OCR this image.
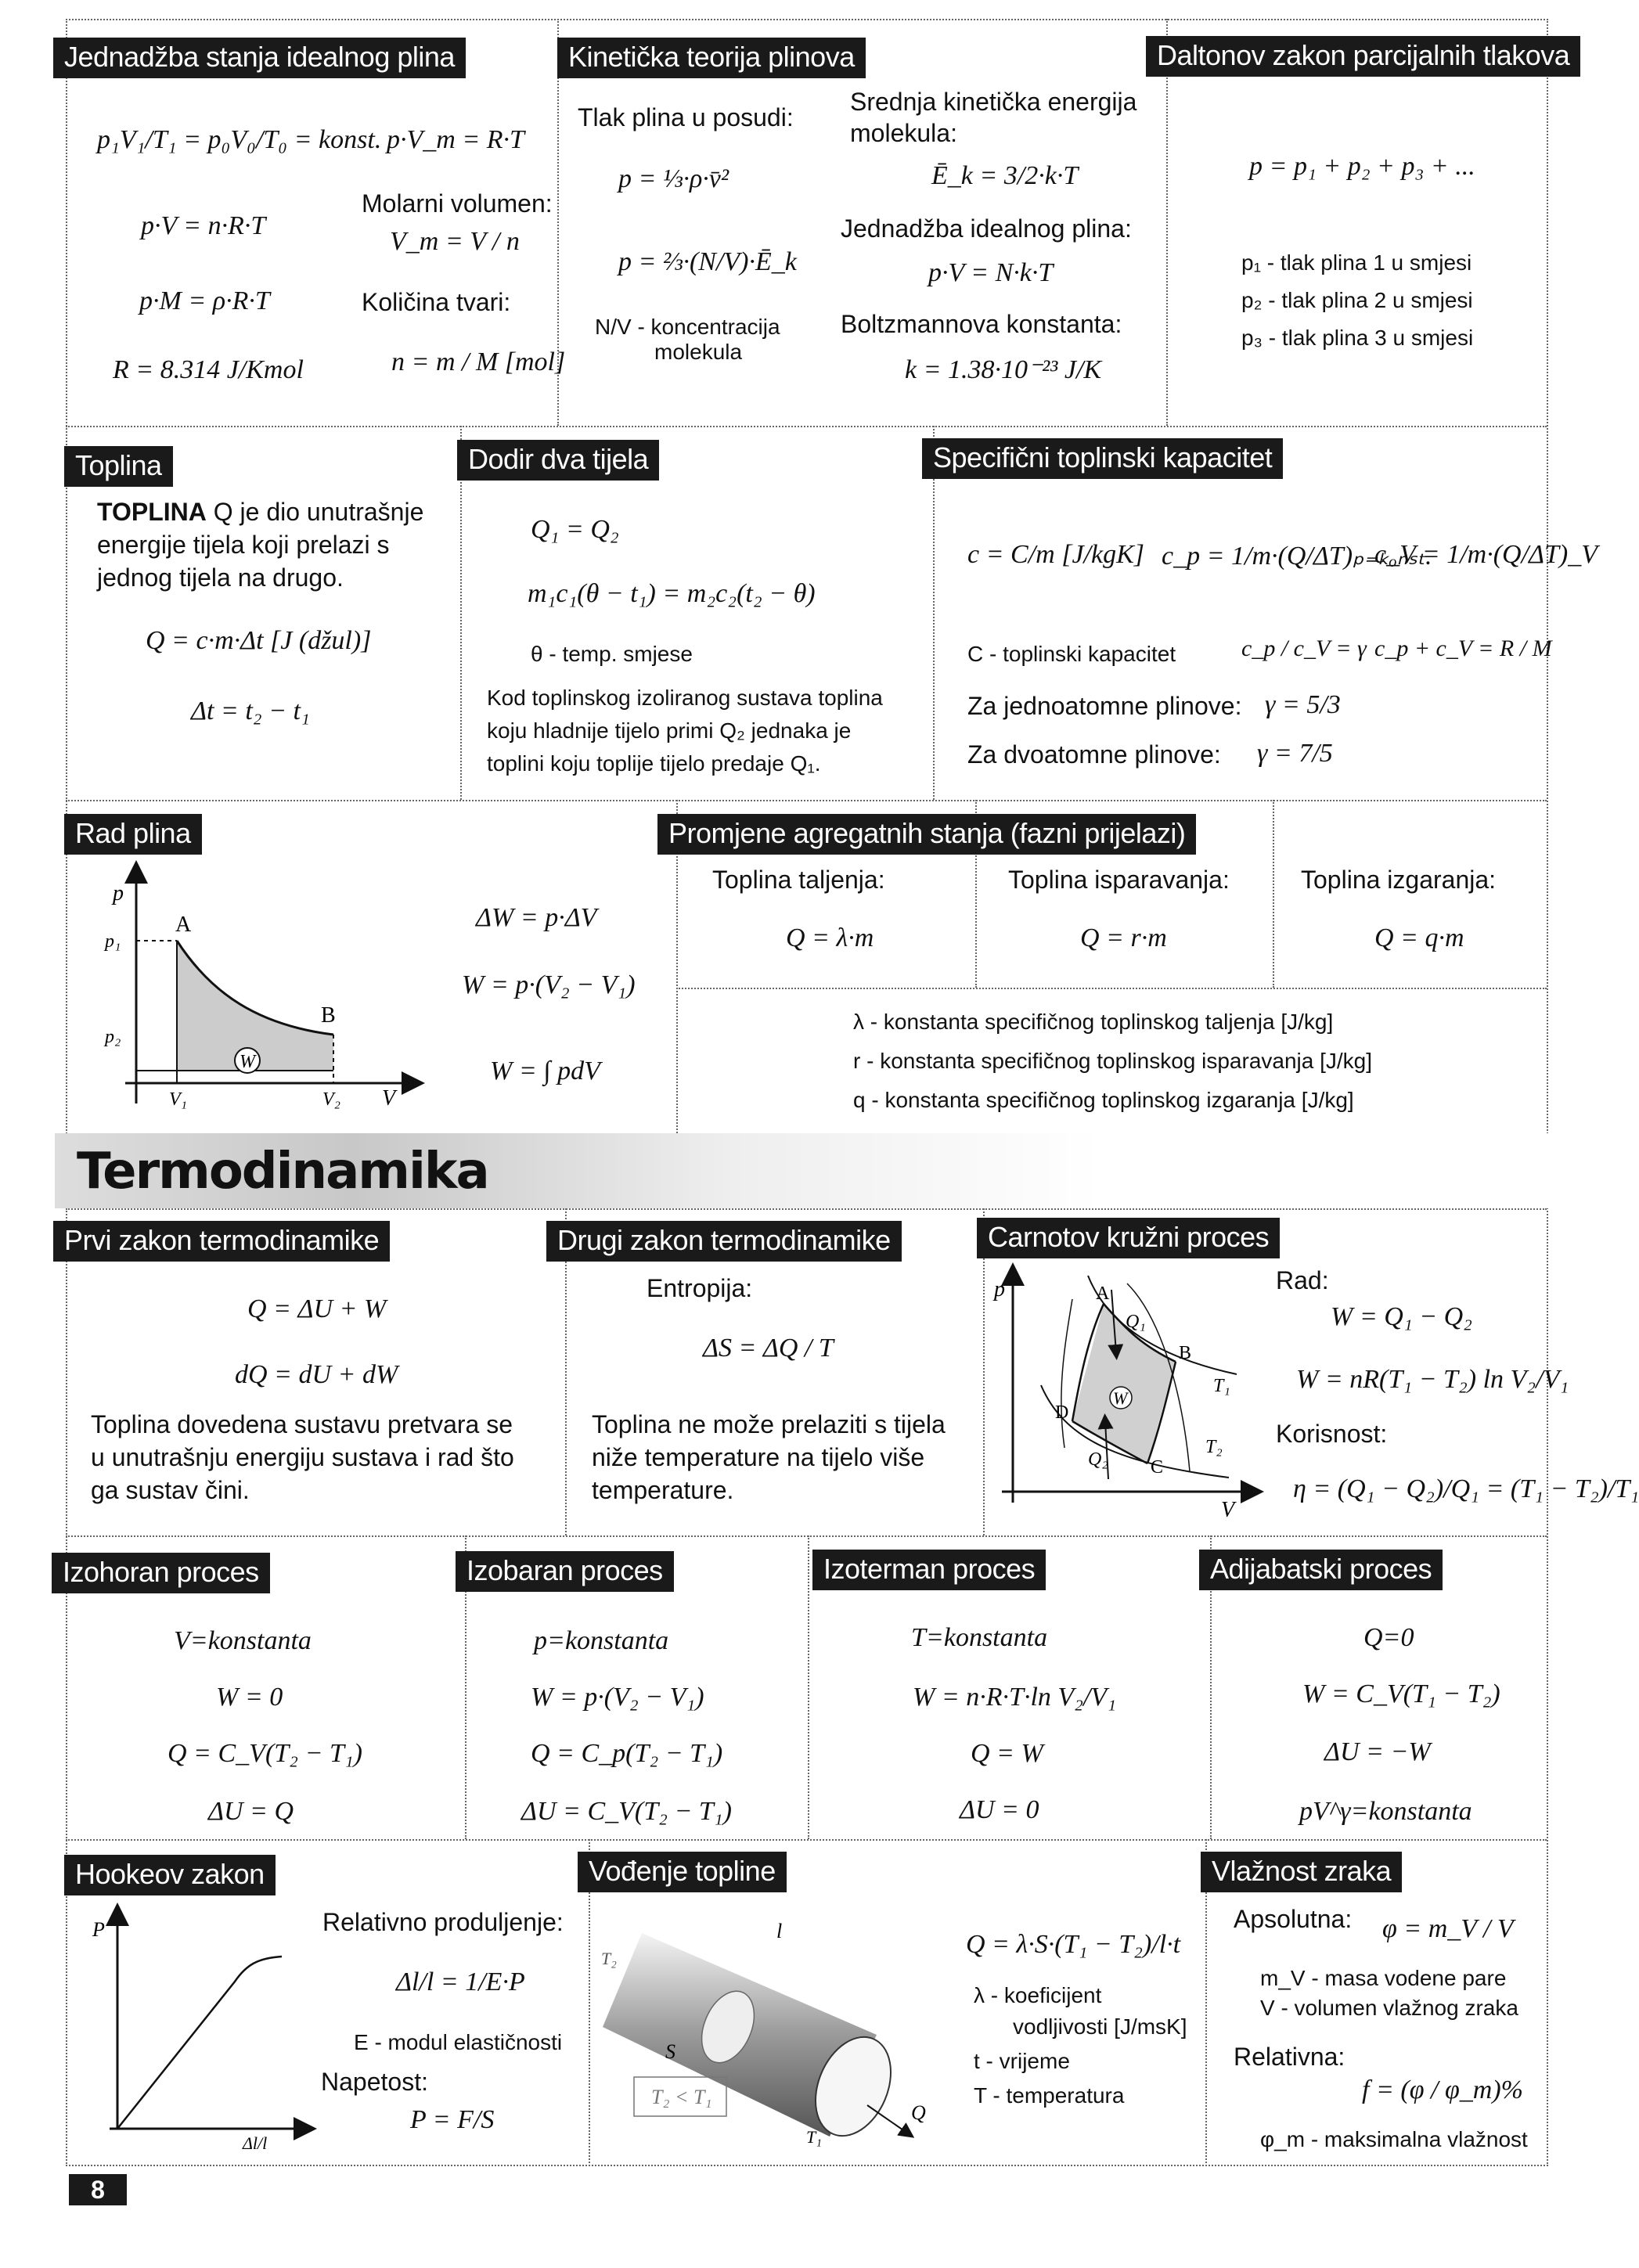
Jednadžba stanja idealnog plina
p₁V₁/T₁ = p₀V₀/T₀ = konst. p·V_m = R·T
Molarni volumen:
V_m = V / n
p·V = n·R·T
p·M = ρ·R·T	Količina tvari:
n = m / M [mol]
R = 8.314 J/Kmol
Kinetička teorija plinova
Tlak plina u posudi:
p = ⅓·ρ·v̄²
p = ⅔·(N/V)·Ē_k
N/V - koncentracija
molekula
Srednja kinetička energija
molekula:
Ē_k = 3/2·k·T
Jednadžba idealnog plina:
p·V = N·k·T
Boltzmannova konstanta:
k = 1.38·10⁻²³ J/K
Daltonov zakon parcijalnih tlakova
p = p₁ + p₂ + p₃ + ...
p₁ - tlak plina 1 u smjesi
p₂ - tlak plina 2 u smjesi
p₃ - tlak plina 3 u smjesi
Toplina
TOPLINA Q je dio unutrašnje
energije tijela koji prelazi s
jednog tijela na drugo.
Q = c·m·Δt [J (džul)]
Δt = t₂ − t₁
Dodir dva tijela
Q₁ = Q₂
m₁c₁(θ − t₁) = m₂c₂(t₂ − θ)
θ - temp. smjese
Kod toplinskog izoliranog sustava toplina
koju hladnije tijelo primi Q₂ jednaka je
toplini koju toplije tijelo predaje Q₁.
Specifični toplinski kapacitet
c = C/m [J/kgK] c_p = 1/m·(Q/ΔT)ₚ₌ₖₒₙₛₜ.
c_V = 1/m·(Q/ΔT)_V
C - toplinski kapacitet	c_p / c_V = γ c_p + c_V = R / M
Za jednoatomne plinove: γ = 5/3
Za dvoatomne plinove: γ = 7/5
Rad plina
p
p₁
p₂
A
B
W
V₁	V₂ V
ΔW = p·ΔV
W = p·(V₂ − V₁)
W = ∫ pdV
Promjene agregatnih stanja (fazni prijelazi)
Toplina taljenja:
Q = λ·m
Toplina isparavanja:
Q = r·m
Toplina izgaranja:
Q = q·m
λ - konstanta specifičnog toplinskog taljenja [J/kg]
r - konstanta specifičnog toplinskog isparavanja [J/kg]
q - konstanta specifičnog toplinskog izgaranja [J/kg]
Termodinamika
Prvi zakon termodinamike
Q = ΔU + W
dQ = dU + dW
Toplina dovedena sustavu pretvara se
u unutrašnju energiju sustava i rad što
ga sustav čini.
Drugi zakon termodinamike
Entropija:
ΔS = ΔQ / T
Toplina ne može prelaziti s tijela
niže temperature na tijelo više
temperature.
Carnotov kružni proces
p
V
A
B
C
D
Q₁
Q₂
T₁
T₂
W
Rad:
W = Q₁ − Q₂
W = nR(T₁ − T₂) ln V₂/V₁
Korisnost:
η = (Q₁ − Q₂)/Q₁ = (T₁ − T₂)/T₁
Izohoran proces
V=konstanta
W = 0
Q = C_V(T₂ − T₁)
ΔU = Q
Izobaran proces
p=konstanta
W = p·(V₂ − V₁)
Q = C_p(T₂ − T₁)
ΔU = C_V(T₂ − T₁)
Izoterman proces
T=konstanta
W = n·R·T·ln V₂/V₁
Q = W
ΔU = 0
Adijabatski proces
Q=0
W = C_V(T₁ − T₂)
ΔU = −W
pV^γ=konstanta
Hookeov zakon
P
Δl/l
Relativno produljenje:
Δl/l = 1/E·P
E - modul elastičnosti
Napetost:
P = F/S
Vođenje topline
T₂
l
S
T₂ < T₁
T₁
Q
Q = λ·S·(T₁ − T₂)/l·t
λ - koeficijent
vodljivosti [J/msK]
t - vrijeme
T - temperatura
Vlažnost zraka
Apsolutna: φ = m_V / V
m_V - masa vodene pare
V - volumen vlažnog zraka
Relativna:
f = (φ / φ_m)%
φ_m - maksimalna vlažnost
8
